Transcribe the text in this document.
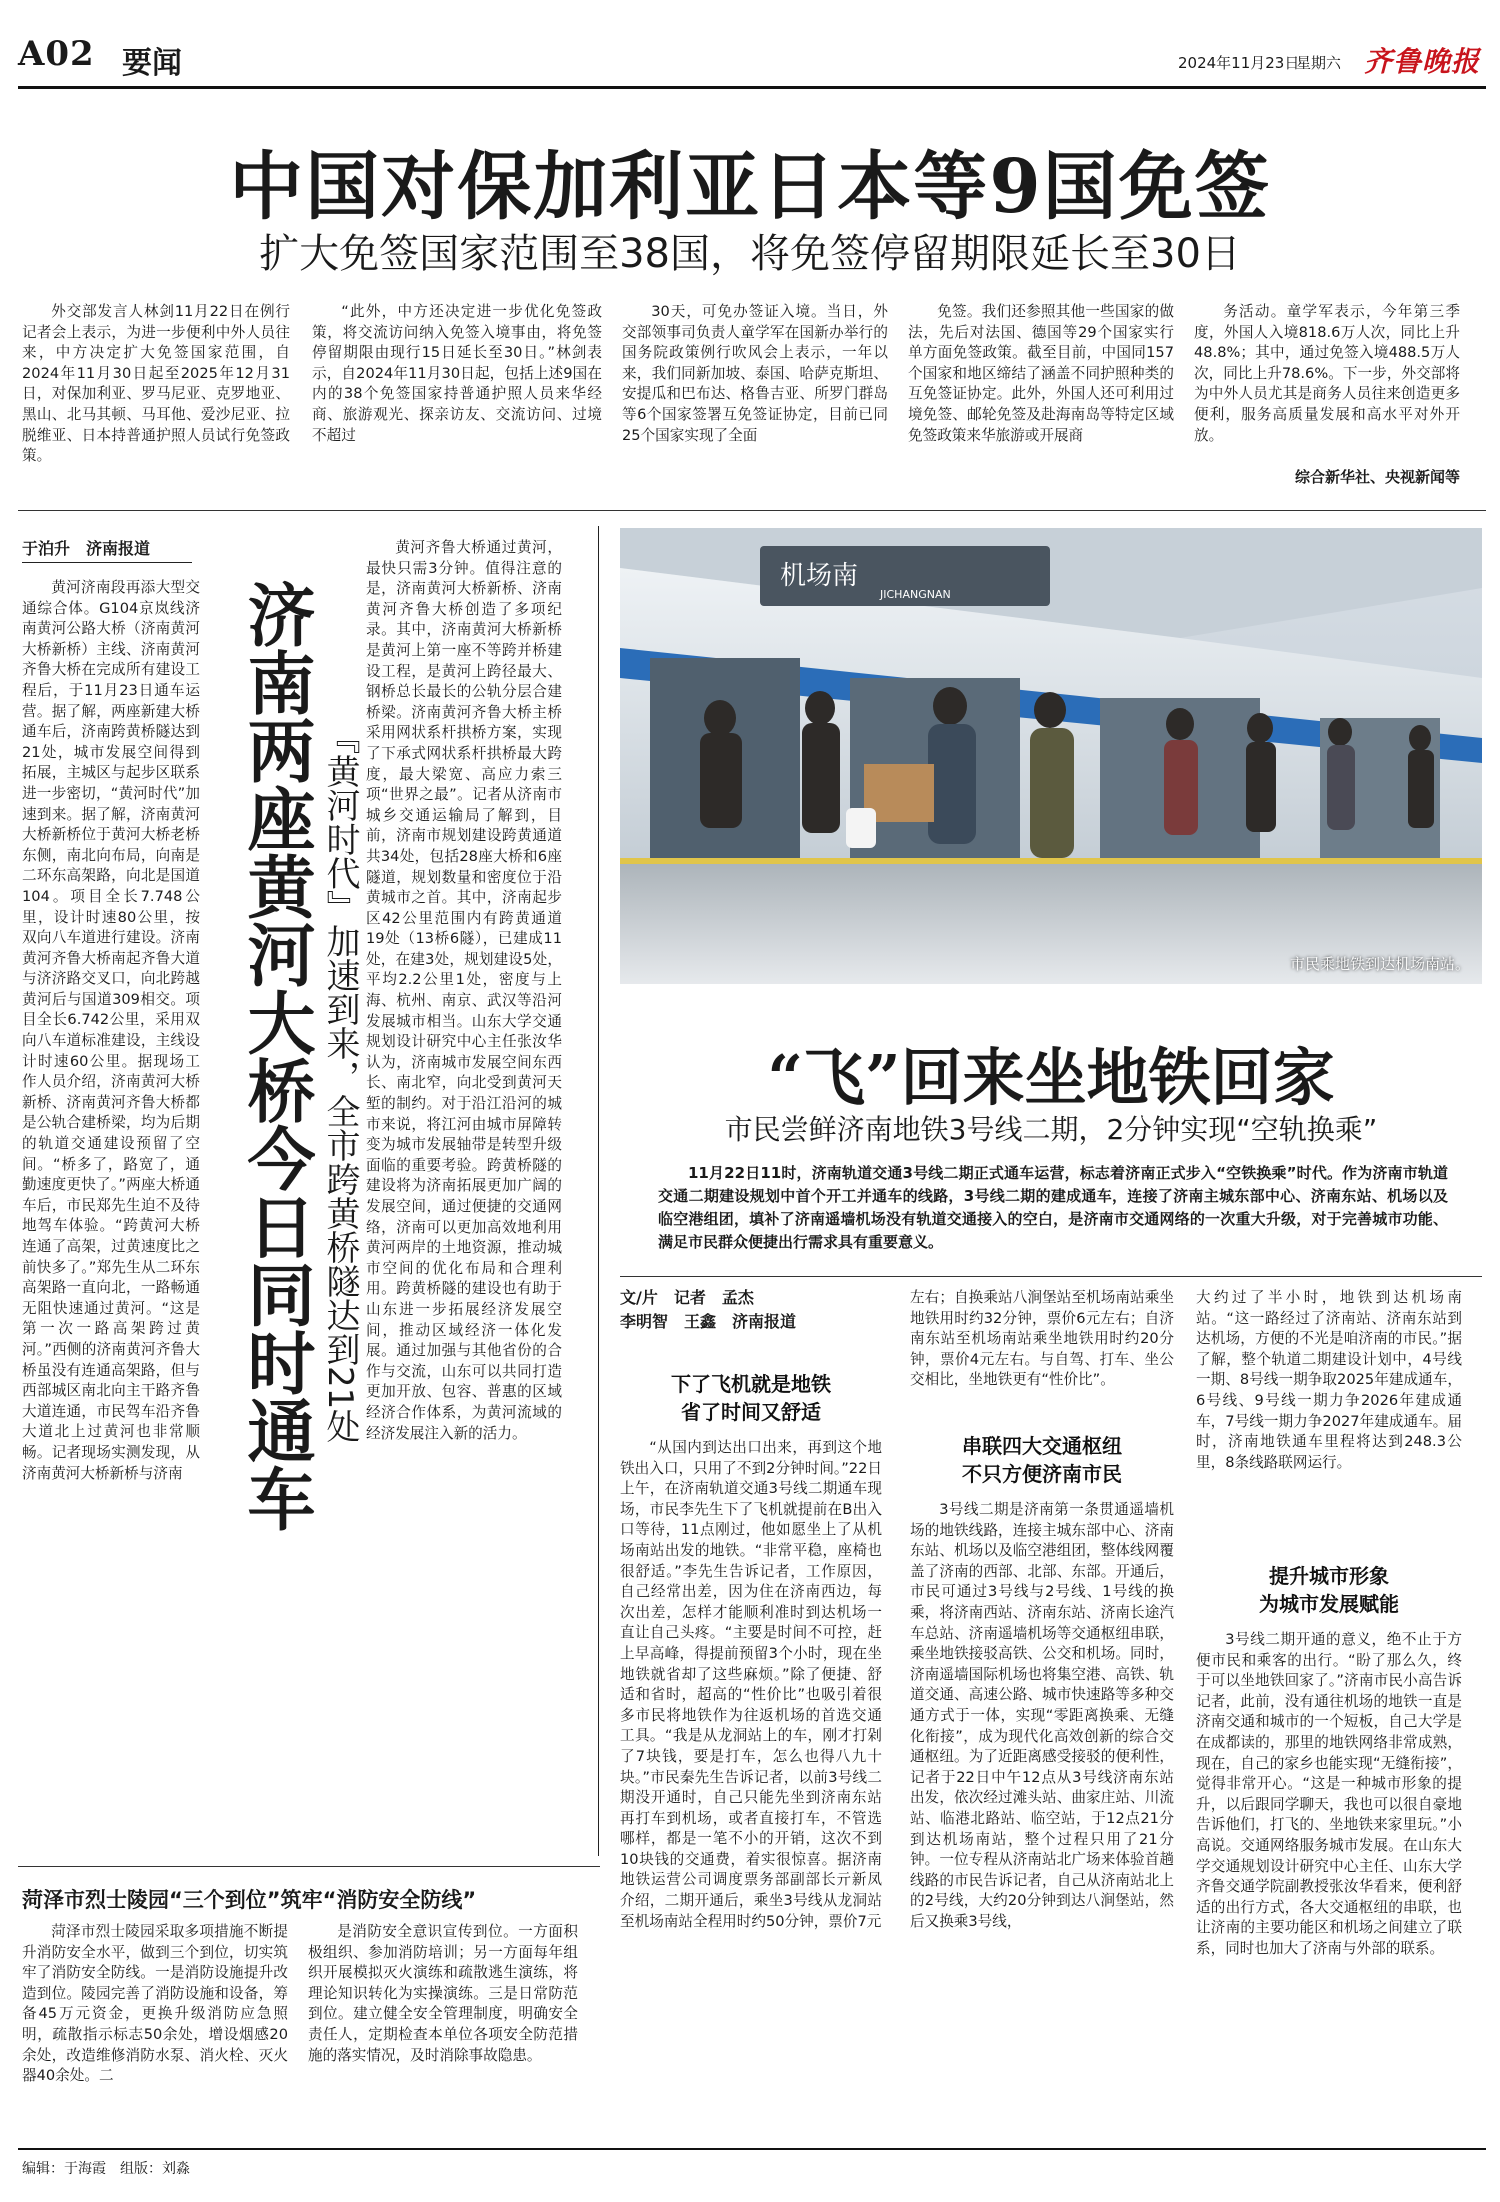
A02 要闻	2024年11月23日
星期六 齐鲁晚报
中国对保加利亚日本等9国免签
扩大免签国家范围至38国，将免签停留期限延长至30日
外交部发言人林剑11月22日在例行记者会上表示，为进一步便利中外人员往来，中方决定扩大免签国家范围，自2024年11月30日起至2025年12月31日，对保加利亚、罗马尼亚、克罗地亚、黑山、北马其顿、马耳他、爱沙尼亚、拉脱维亚、日本持普通护照人员试行免签政策。
“此外，中方还决定进一步优化免签政策，将交流访问纳入免签入境事由，将免签停留期限由现行15日延长至30日。”林剑表示，自2024年11月30日起，包括上述9国在内的38个免签国家持普通护照人员来华经商、旅游观光、探亲访友、交流访问、过境不超过
30天，可免办签证入境。当日，外交部领事司负责人童学军在国新办举行的国务院政策例行吹风会上表示，一年以来，我们同新加坡、泰国、哈萨克斯坦、安提瓜和巴布达、格鲁吉亚、所罗门群岛等6个国家签署互免签证协定，目前已同25个国家实现了全面
免签。我们还参照其他一些国家的做法，先后对法国、德国等29个国家实行单方面免签政策。截至目前，中国同157个国家和地区缔结了涵盖不同护照种类的互免签证协定。此外，外国人还可利用过境免签、邮轮免签及赴海南岛等特定区域免签政策来华旅游或开展商
务活动。童学军表示，今年第三季度，外国人入境818.6万人次，同比上升48.8%；其中，通过免签入境488.5万人次，同比上升78.6%。下一步，外交部将为中外人员尤其是商务人员往来创造更多便利，服务高质量发展和高水平对外开放。
综合新华社、央视新闻等
于泊升　济南报道
济南两座黄河大桥今日同时通车 『黄河时代』加速到来，全市跨黄桥隧达到21处
黄河济南段再添大型交通综合体。G104京岚线济南黄河公路大桥（济南黄河大桥新桥）主线、济南黄河齐鲁大桥在完成所有建设工程后，于11月23日通车运营。据了解，两座新建大桥通车后，济南跨黄桥隧达到21处，城市发展空间得到拓展，主城区与起步区联系进一步密切，“黄河时代”加速到来。据了解，济南黄河大桥新桥位于黄河大桥老桥东侧，南北向布局，向南是二环东高架路，向北是国道104。项目全长7.748公里，设计时速80公里，按双向八车道进行建设。济南黄河齐鲁大桥南起齐鲁大道与济济路交叉口，向北跨越黄河后与国道309相交。项目全长6.742公里，采用双向八车道标准建设，主线设计时速60公里。据现场工作人员介绍，济南黄河大桥新桥、济南黄河齐鲁大桥都是公轨合建桥梁，均为后期的轨道交通建设预留了空间。“桥多了，路宽了，通勤速度更快了。”两座大桥通车后，市民郑先生迫不及待地驾车体验。“跨黄河大桥连通了高架，过黄速度比之前快多了。”郑先生从二环东高架路一直向北，一路畅通无阻快速通过黄河。“这是第一次一路高架跨过黄河。”西侧的济南黄河齐鲁大桥虽没有连通高架路，但与西部城区南北向主干路齐鲁大道连通，市民驾车沿齐鲁大道北上过黄河也非常顺畅。记者现场实测发现，从济南黄河大桥新桥与济南
黄河齐鲁大桥通过黄河，最快只需3分钟。值得注意的是，济南黄河大桥新桥、济南黄河齐鲁大桥创造了多项纪录。其中，济南黄河大桥新桥是黄河上第一座不等跨并桥建设工程，是黄河上跨径最大、钢桥总长最长的公轨分层合建桥梁。济南黄河齐鲁大桥主桥采用网状系杆拱桥方案，实现了下承式网状系杆拱桥最大跨度，最大梁宽、高应力索三项“世界之最”。记者从济南市城乡交通运输局了解到，目前，济南市规划建设跨黄通道共34处，包括28座大桥和6座隧道，规划数量和密度位于沿黄城市之首。其中，济南起步区42公里范围内有跨黄通道19处（13桥6隧），已建成11处，在建3处，规划建设5处，平均2.2公里1处，密度与上海、杭州、南京、武汉等沿河发展城市相当。山东大学交通规划设计研究中心主任张汝华认为，济南城市发展空间东西长、南北窄，向北受到黄河天堑的制约。对于沿江沿河的城市来说，将江河由城市屏障转变为城市发展轴带是转型升级面临的重要考验。跨黄桥隧的建设将为济南拓展更加广阔的发展空间，通过便捷的交通网络，济南可以更加高效地利用黄河两岸的土地资源，推动城市空间的优化布局和合理利用。跨黄桥隧的建设也有助于山东进一步拓展经济发展空间，推动区域经济一体化发展。通过加强与其他省份的合作与交流，山东可以共同打造更加开放、包容、普惠的区域经济合作体系，为黄河流域的经济发展注入新的活力。
菏泽市烈士陵园“三个到位”筑牢“消防安全防线”
菏泽市烈士陵园采取多项措施不断提升消防安全水平，做到三个到位，切实筑牢了消防安全防线。一是消防设施提升改造到位。陵园完善了消防设施和设备，筹备45万元资金，更换升级消防应急照明，疏散指示标志50余处，增设烟感20余处，改造维修消防水泵、消火栓、灭火器40余处。二
是消防安全意识宣传到位。一方面积极组织、参加消防培训；另一方面每年组织开展模拟灭火演练和疏散逃生演练，将理论知识转化为实操演练。三是日常防范到位。建立健全安全管理制度，明确安全责任人，定期检查本单位各项安全防范措施的落实情况，及时消除事故隐患。
机场南
JICHANGNAN
市民乘地铁到达机场南站。
“飞”回来坐地铁回家
市民尝鲜济南地铁3号线二期，2分钟实现“空轨换乘”
11月22日11时，济南轨道交通3号线二期正式通车运营，标志着济南正式步入“空铁换乘”时代。作为济南市轨道交通二期建设规划中首个开工并通车的线路，3号线二期的建成通车，连接了济南主城东部中心、济南东站、机场以及临空港组团，填补了济南遥墙机场没有轨道交通接入的空白，是济南市交通网络的一次重大升级，对于完善城市功能、满足市民群众便捷出行需求具有重要意义。
文/片　记者　孟杰
李明智　王鑫　济南报道
下了飞机就是地铁
省了时间又舒适
“从国内到达出口出来，再到这个地铁出入口，只用了不到2分钟时间。”22日上午，在济南轨道交通3号线二期通车现场，市民李先生下了飞机就提前在B出入口等待，11点刚过，他如愿坐上了从机场南站出发的地铁。“非常平稳，座椅也很舒适。”李先生告诉记者，工作原因，自己经常出差，因为住在济南西边，每次出差，怎样才能顺利准时到达机场一直让自己头疼。“主要是时间不可控，赶上早高峰，得提前预留3个小时，现在坐地铁就省却了这些麻烦。”除了便捷、舒适和省时，超高的“性价比”也吸引着很多市民将地铁作为往返机场的首选交通工具。“我是从龙洞站上的车，刚才打剁了7块钱，要是打车，怎么也得八九十块。”市民秦先生告诉记者，以前3号线二期没开通时，自己只能先坐到济南东站再打车到机场，或者直接打车，不管选哪样，都是一笔不小的开销，这次不到10块钱的交通费，着实很惊喜。据济南地铁运营公司调度票务部副部长亓新凤介绍，二期开通后，乘坐3号线从龙洞站至机场南站全程用时约50分钟，票价7元
左右；自换乘站八涧堡站至机场南站乘坐地铁用时约32分钟，票价6元左右；自济南东站至机场南站乘坐地铁用时约20分钟，票价4元左右。与自驾、打车、坐公交相比，坐地铁更有“性价比”。
串联四大交通枢纽
不只方便济南市民
3号线二期是济南第一条贯通遥墙机场的地铁线路，连接主城东部中心、济南东站、机场以及临空港组团，整体线网覆盖了济南的西部、北部、东部。开通后，市民可通过3号线与2号线、1号线的换乘，将济南西站、济南东站、济南长途汽车总站、济南遥墙机场等交通枢纽串联，乘坐地铁接驳高铁、公交和机场。同时，济南遥墙国际机场也将集空港、高铁、轨道交通、高速公路、城市快速路等多种交通方式于一体，实现“零距离换乘、无缝化衔接”，成为现代化高效创新的综合交通枢纽。为了近距离感受接驳的便利性，记者于22日中午12点从3号线济南东站出发，依次经过滩头站、曲家庄站、川流站、临港北路站、临空站，于12点21分到达机场南站，整个过程只用了21分钟。一位专程从济南站北广场来体验首趟线路的市民告诉记者，自己从济南站北上的2号线，大约20分钟到达八涧堡站，然后又换乘3号线，
大约过了半小时，地铁到达机场南站。“这一路经过了济南站、济南东站到达机场，方便的不光是咱济南的市民。”据了解，整个轨道二期建设计划中，4号线一期、8号线一期争取2025年建成通车，6号线、9号线一期力争2026年建成通车，7号线一期力争2027年建成通车。届时，济南地铁通车里程将达到248.3公里，8条线路联网运行。
提升城市形象
为城市发展赋能
3号线二期开通的意义，绝不止于方便市民和乘客的出行。“盼了那么久，终于可以坐地铁回家了。”济南市民小高告诉记者，此前，没有通往机场的地铁一直是济南交通和城市的一个短板，自己大学是在成都读的，那里的地铁网络非常成熟，现在，自己的家乡也能实现“无缝衔接”，觉得非常开心。“这是一种城市形象的提升，以后跟同学聊天，我也可以很自豪地告诉他们，打飞的、坐地铁来家里玩。”小高说。交通网络服务城市发展。在山东大学交通规划设计研究中心主任、山东大学齐鲁交通学院副教授张汝华看来，便利舒适的出行方式，各大交通枢纽的串联，也让济南的主要功能区和机场之间建立了联系，同时也加大了济南与外部的联系。
编辑：于海霞　组版：刘淼
